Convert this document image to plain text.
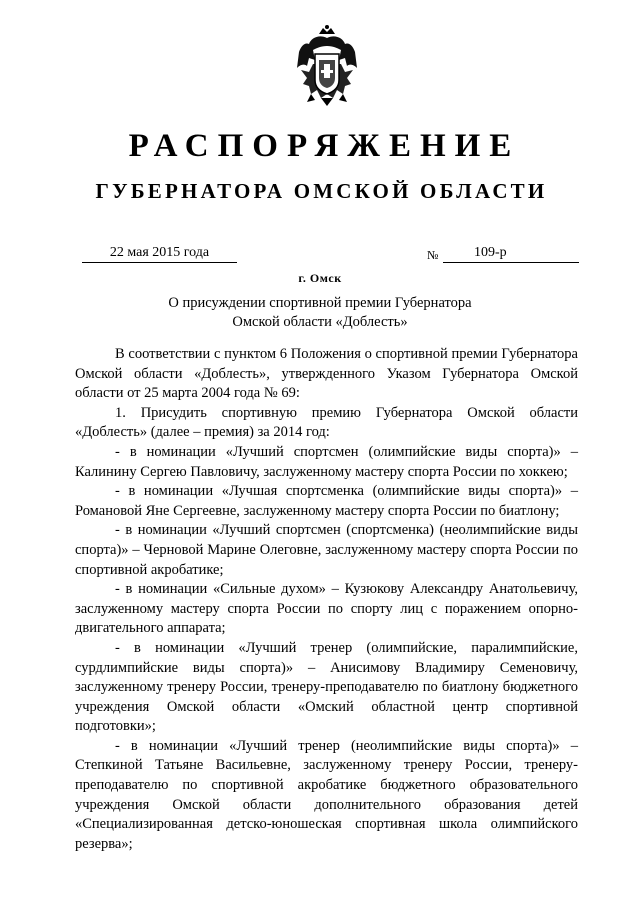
РАСПОРЯЖЕНИЕ
ГУБЕРНАТОРА ОМСКОЙ ОБЛАСТИ
22 мая 2015 года	№	109-р
г. Омск
О присуждении спортивной премии Губернатора
Омской области «Доблесть»

В соответствии с пунктом 6 Положения о спортивной премии Губернатора Омской области «Доблесть», утвержденного Указом Губернатора Омской области от 25 марта 2004 года № 69:

1. Присудить спортивную премию Губернатора Омской области «Доблесть» (далее – премия) за 2014 год:

- в номинации «Лучший спортсмен (олимпийские виды спорта)» – Калинину Сергею Павловичу, заслуженному мастеру спорта России по хоккею;

- в номинации «Лучшая спортсменка (олимпийские виды спорта)» – Романовой Яне Сергеевне, заслуженному мастеру спорта России по биатлону;

- в номинации «Лучший спортсмен (спортсменка) (неолимпийские виды спорта)» – Черновой Марине Олеговне, заслуженному мастеру спорта России по спортивной акробатике;

- в номинации «Сильные духом» – Кузюкову Александру Анатольевичу, заслуженному мастеру спорта России по спорту лиц с поражением опорно-двигательного аппарата;

- в номинации «Лучший тренер (олимпийские, паралимпийские, сурдлимпийские виды спорта)» – Анисимову Владимиру Семеновичу, заслуженному тренеру России, тренеру-преподавателю по биатлону бюджетного учреждения Омской области «Омский областной центр спортивной подготовки»;

- в номинации «Лучший тренер (неолимпийские виды спорта)» – Степкиной Татьяне Васильевне, заслуженному тренеру России, тренеру-преподавателю по спортивной акробатике бюджетного образовательного учреждения Омской области дополнительного образования детей «Специализированная детско-юношеская спортивная школа олимпийского резерва»;
